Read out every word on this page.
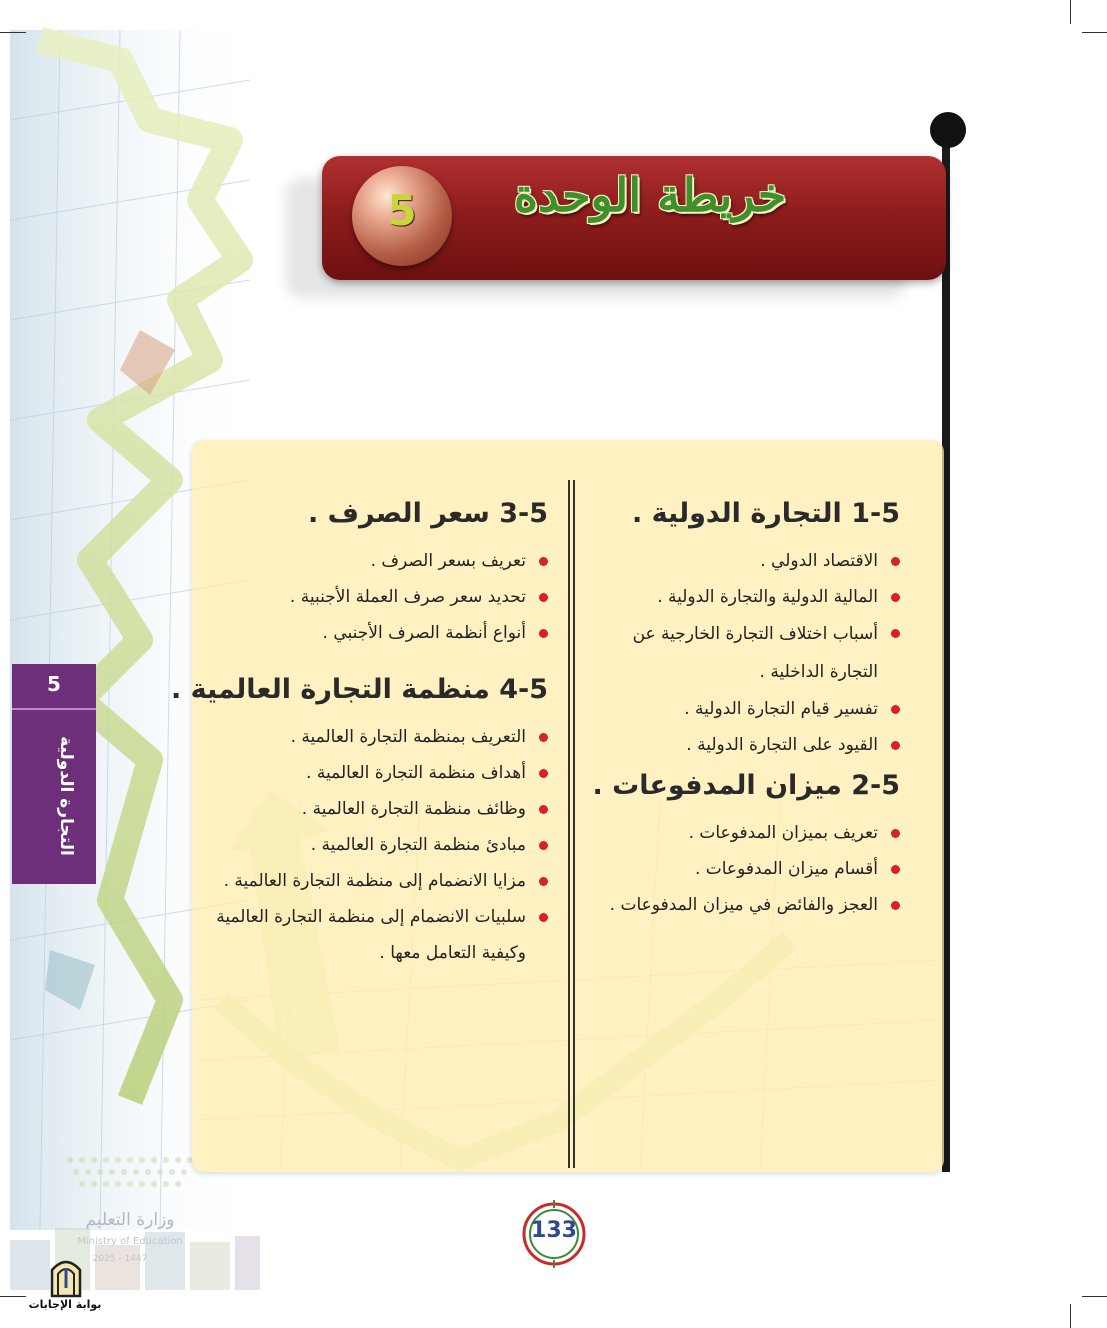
خريطة الوحدة
5
1-5 التجارة الدولية .
الاقتصاد الدولي .
المالية الدولية والتجارة الدولية .
أسباب اختلاف التجارة الخارجية عن التجارة الداخلية .
تفسير قيام التجارة الدولية .
القيود على التجارة الدولية .
2-5 ميزان المدفوعات .
تعريف بميزان المدفوعات .
أقسام ميزان المدفوعات .
العجز والفائض في ميزان المدفوعات .
3-5 سعر الصرف .
تعريف بسعر الصرف .
تحديد سعر صرف العملة الأجنبية .
أنواع أنظمة الصرف الأجنبي .
4-5 منظمة التجارة العالمية .
التعريف بمنظمة التجارة العالمية .
أهداف منظمة التجارة العالمية .
وظائف منظمة التجارة العالمية .
مبادئ منظمة التجارة العالمية .
مزايا الانضمام إلى منظمة التجارة العالمية .
سلبيات الانضمام إلى منظمة التجارة العالمية وكيفية التعامل معها .
5
التجارة الدولية
133
وزارة التعليم
Ministry of Education
2025 - 1447
بوابة الإجابات
